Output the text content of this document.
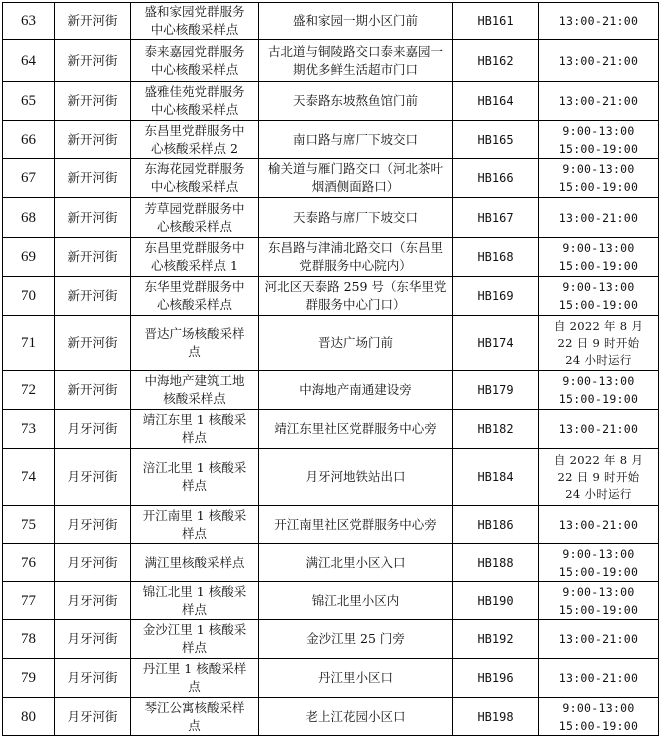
63	新开河街	盛和家园党群服务
中心核酸采样点	盛和家园一期小区门前	HB161	13:00-21:00
64	新开河街	泰来嘉园党群服务
中心核酸采样点	古北道与铜陵路交口泰来嘉园一
期优多鲜生活超市门口	HB162	13:00-21:00
65	新开河街	盛雅佳苑党群服务
中心核酸采样点	天泰路东坡熬鱼馆门前	HB164	13:00-21:00
66	新开河街	东昌里党群服务中
心核酸采样点 2	南口路与席厂下坡交口	HB165	9:00-13:00
15:00-19:00
67	新开河街	东海花园党群服务
中心核酸采样点	榆关道与雁门路交口（河北茶叶
烟酒侧面路口）	HB166	9:00-13:00
15:00-19:00
68	新开河街	芳草园党群服务中
心核酸采样点	天泰路与席厂下坡交口	HB167	13:00-21:00
69	新开河街	东昌里党群服务中
心核酸采样点 1	东昌路与津浦北路交口（东昌里
党群服务中心院内）	HB168	9:00-13:00
15:00-19:00
70	新开河街	东华里党群服务中
心核酸采样点	河北区天泰路 259 号（东华里党
群服务中心门口）	HB169	9:00-13:00
15:00-19:00
71	新开河街	晋达广场核酸采样
点	晋达广场门前	HB174	自 2022 年 8 月
22 日 9 时开始
24 小时运行
72	新开河街	中海地产建筑工地
核酸采样点	中海地产南通建设旁	HB179	9:00-13:00
15:00-19:00
73	月牙河街	靖江东里 1 核酸采
样点	靖江东里社区党群服务中心旁	HB182	13:00-21:00
74	月牙河街	涪江北里 1 核酸采
样点	月牙河地铁站出口	HB184	自 2022 年 8 月
22 日 9 时开始
24 小时运行
75	月牙河街	开江南里 1 核酸采
样点	开江南里社区党群服务中心旁	HB186	13:00-21:00
76	月牙河街	满江里核酸采样点	满江北里小区入口	HB188	9:00-13:00
15:00-19:00
77	月牙河街	锦江北里 1 核酸采
样点	锦江北里小区内	HB190	9:00-13:00
15:00-19:00
78	月牙河街	金沙江里 1 核酸采
样点	金沙江里 25 门旁	HB192	13:00-21:00
79	月牙河街	丹江里 1 核酸采样
点	丹江里小区口	HB196	13:00-21:00
80	月牙河街	琴江公寓核酸采样
点	老上江花园小区口	HB198	9:00-13:00
15:00-19:00
